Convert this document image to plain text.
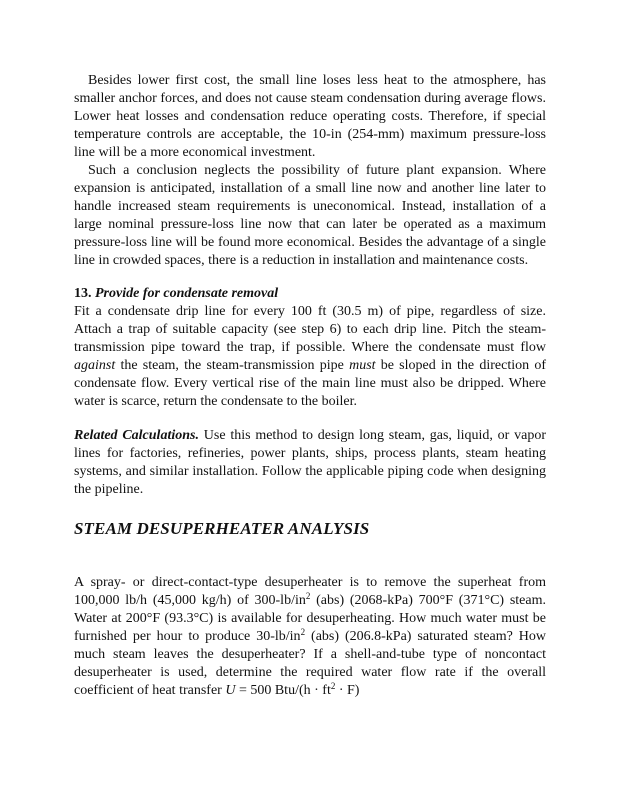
Besides lower first cost, the small line loses less heat to the atmosphere, has smaller anchor forces, and does not cause steam condensation during average flows. Lower heat losses and condensation reduce operating costs. Therefore, if special temperature controls are acceptable, the 10-in (254-mm) maximum pressure-loss line will be a more economical investment.

Such a conclusion neglects the possibility of future plant expansion. Where expansion is anticipated, installation of a small line now and another line later to handle increased steam requirements is uneconomical. Instead, installation of a large nominal pressure-loss line now that can later be operated as a maximum pressure-loss line will be found more economical. Besides the advantage of a single line in crowded spaces, there is a reduction in installation and maintenance costs.

13. Provide for condensate removal

Fit a condensate drip line for every 100 ft (30.5 m) of pipe, regardless of size. Attach a trap of suitable capacity (see step 6) to each drip line. Pitch the steam-transmission pipe toward the trap, if possible. Where the condensate must flow against the steam, the steam-transmission pipe must be sloped in the direction of condensate flow. Every vertical rise of the main line must also be dripped. Where water is scarce, return the condensate to the boiler.

Related Calculations. Use this method to design long steam, gas, liquid, or vapor lines for factories, refineries, power plants, ships, process plants, steam heating systems, and similar installation. Follow the applicable piping code when designing the pipeline.

STEAM DESUPERHEATER ANALYSIS

A spray- or direct-contact-type desuperheater is to remove the superheat from 100,000 lb/h (45,000 kg/h) of $300-lb/in^2$ (abs) (2068-kPa) 700°F (371°C) steam. Water at 200°F (93.3°C) is available for desuperheating. How much water must be furnished per hour to produce $30-lb/in^2$ (abs) (206.8-kPa) saturated steam? How much steam leaves the desuperheater? If a shell-and-tube type of noncontact desuperheater is used, determine the required water flow rate if the overall coefficient of heat transfer U = 500 $Btu/(h \cdot ft^2 \cdot F)$
